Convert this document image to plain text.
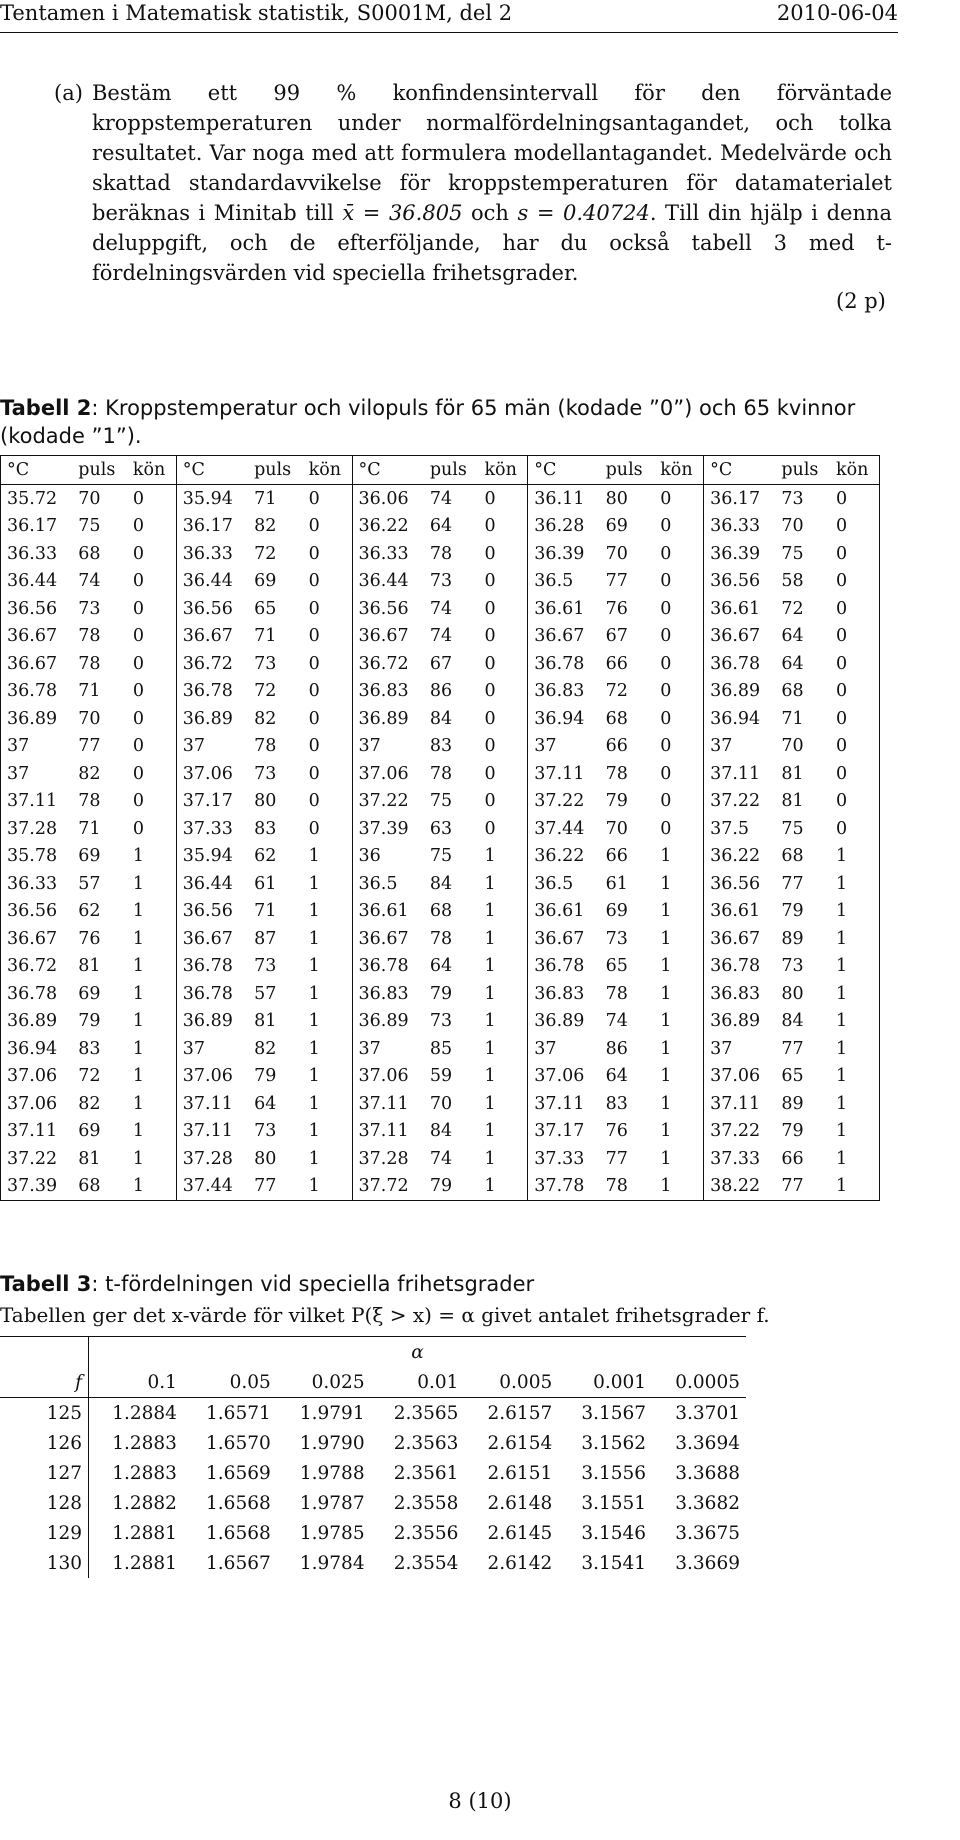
Tentamen i Matematisk statistik, S0001M, del 2	2010-06-04
(a) Bestäm ett 99 % konfindensintervall för den förväntade kroppstemperaturen under normalfördelningsantagandet, och tolka resultatet. Var noga med att formulera modellantagandet. Medelvärde och skattad standardavvikelse för kroppstemperaturen för datamaterialet beräknas i Minitab till x̄ = 36.805 och s = 0.40724. Till din hjälp i denna deluppgift, och de efterföljande, har du också tabell 3 med t-fördelningsvärden vid speciella frihetsgrader.
(2 p)
Tabell 2: Kroppstemperatur och vilopuls för 65 män (kodade ”0”) och 65 kvinnor (kodade ”1”).
°C	puls	kön	°C	puls	kön	°C	puls	kön	°C	puls	kön	°C	puls	kön
35.72	70	0	35.94	71	0	36.06	74	0	36.11	80	0	36.17	73	0
36.17	75	0	36.17	82	0	36.22	64	0	36.28	69	0	36.33	70	0
36.33	68	0	36.33	72	0	36.33	78	0	36.39	70	0	36.39	75	0
36.44	74	0	36.44	69	0	36.44	73	0	36.5	77	0	36.56	58	0
36.56	73	0	36.56	65	0	36.56	74	0	36.61	76	0	36.61	72	0
36.67	78	0	36.67	71	0	36.67	74	0	36.67	67	0	36.67	64	0
36.67	78	0	36.72	73	0	36.72	67	0	36.78	66	0	36.78	64	0
36.78	71	0	36.78	72	0	36.83	86	0	36.83	72	0	36.89	68	0
36.89	70	0	36.89	82	0	36.89	84	0	36.94	68	0	36.94	71	0
37	77	0	37	78	0	37	83	0	37	66	0	37	70	0
37	82	0	37.06	73	0	37.06	78	0	37.11	78	0	37.11	81	0
37.11	78	0	37.17	80	0	37.22	75	0	37.22	79	0	37.22	81	0
37.28	71	0	37.33	83	0	37.39	63	0	37.44	70	0	37.5	75	0
35.78	69	1	35.94	62	1	36	75	1	36.22	66	1	36.22	68	1
36.33	57	1	36.44	61	1	36.5	84	1	36.5	61	1	36.56	77	1
36.56	62	1	36.56	71	1	36.61	68	1	36.61	69	1	36.61	79	1
36.67	76	1	36.67	87	1	36.67	78	1	36.67	73	1	36.67	89	1
36.72	81	1	36.78	73	1	36.78	64	1	36.78	65	1	36.78	73	1
36.78	69	1	36.78	57	1	36.83	79	1	36.83	78	1	36.83	80	1
36.89	79	1	36.89	81	1	36.89	73	1	36.89	74	1	36.89	84	1
36.94	83	1	37	82	1	37	85	1	37	86	1	37	77	1
37.06	72	1	37.06	79	1	37.06	59	1	37.06	64	1	37.06	65	1
37.06	82	1	37.11	64	1	37.11	70	1	37.11	83	1	37.11	89	1
37.11	69	1	37.11	73	1	37.11	84	1	37.17	76	1	37.22	79	1
37.22	81	1	37.28	80	1	37.28	74	1	37.33	77	1	37.33	66	1
37.39	68	1	37.44	77	1	37.72	79	1	37.78	78	1	38.22	77	1
Tabell 3: t-fördelningen vid speciella frihetsgrader
Tabellen ger det x-värde för vilket P(ξ > x) = α givet antalet frihetsgrader f.
	α						
f	0.1	0.05	0.025	0.01	0.005	0.001	0.0005
125	1.2884	1.6571	1.9791	2.3565	2.6157	3.1567	3.3701
126	1.2883	1.6570	1.9790	2.3563	2.6154	3.1562	3.3694
127	1.2883	1.6569	1.9788	2.3561	2.6151	3.1556	3.3688
128	1.2882	1.6568	1.9787	2.3558	2.6148	3.1551	3.3682
129	1.2881	1.6568	1.9785	2.3556	2.6145	3.1546	3.3675
130	1.2881	1.6567	1.9784	2.3554	2.6142	3.1541	3.3669
8 (10)
